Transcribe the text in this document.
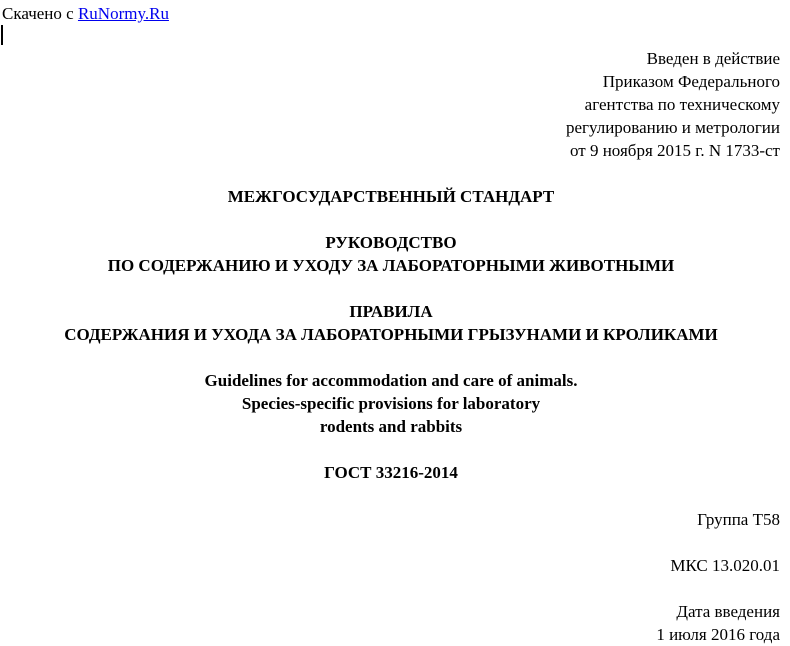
Скачено с RuNormy.Ru
Введен в действие
Приказом Федерального
агентства по техническому
регулированию и метрологии
от 9 ноября 2015 г. N 1733-ст
МЕЖГОСУДАРСТВЕННЫЙ СТАНДАРТ
РУКОВОДСТВО
ПО СОДЕРЖАНИЮ И УХОДУ ЗА ЛАБОРАТОРНЫМИ ЖИВОТНЫМИ
ПРАВИЛА
СОДЕРЖАНИЯ И УХОДА ЗА ЛАБОРАТОРНЫМИ ГРЫЗУНАМИ И КРОЛИКАМИ
Guidelines for accommodation and care of animals.
Species-specific provisions for laboratory
rodents and rabbits
ГОСТ 33216-2014
Группа Т58
МКС 13.020.01
Дата введения
1 июля 2016 года
